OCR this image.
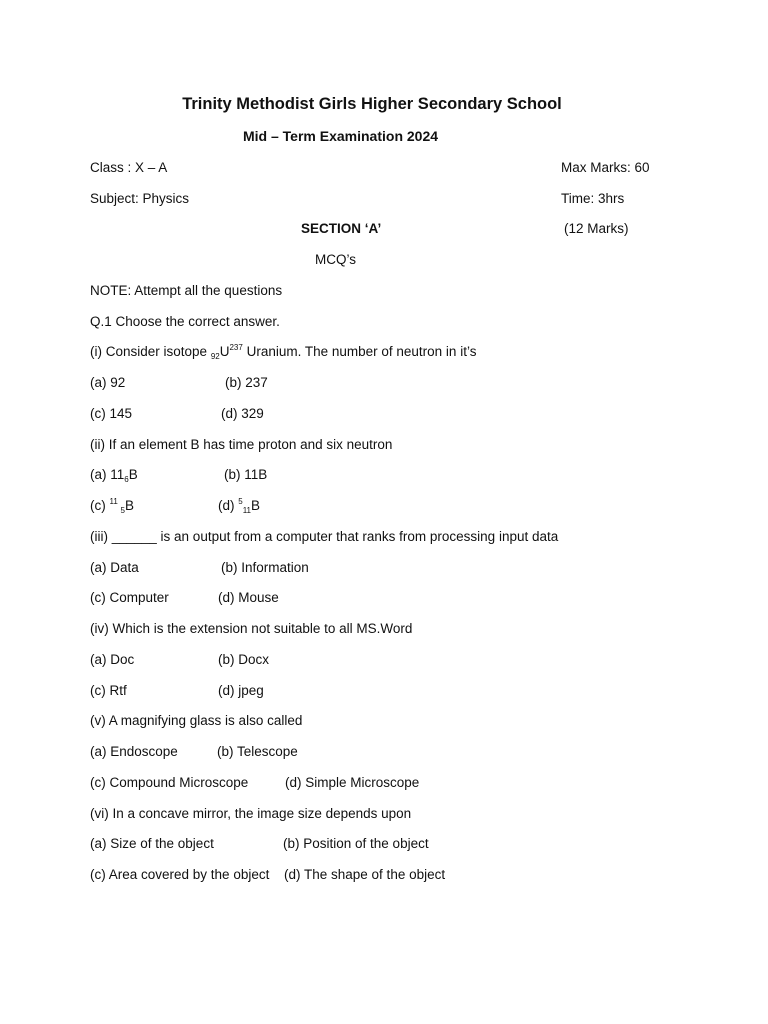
Trinity Methodist Girls Higher Secondary School
Mid – Term Examination 2024
Class : X – A	Max Marks: 60
Subject: Physics	Time: 3hrs
SECTION ‘A’	(12 Marks)
MCQ’s
NOTE: Attempt all the questions
Q.1 Choose the correct answer.
(i) Consider isotope $_{92}U^{237}$ Uranium. The number of neutron in it’s
(a) 92	(b) 237
(c) 145	(d) 329
(ii) If an element B has time proton and six neutron
(a) $11_6B$	(b) 11B
(c) $^{11}$ $_5$B	(d) $^5_{11}$B
(iii) ______ is an output from a computer that ranks from processing input data
(a) Data	(b) Information
(c) Computer	(d) Mouse
(iv) Which is the extension not suitable to all MS.Word
(a) Doc	(b) Docx
(c) Rtf	(d) jpeg
(v) A magnifying glass is also called
(a) Endoscope	(b) Telescope
(c) Compound Microscope	(d) Simple Microscope
(vi) In a concave mirror, the image size depends upon
(a) Size of the object	(b) Position of the object
(c) Area covered by the object (d) The shape of the object
